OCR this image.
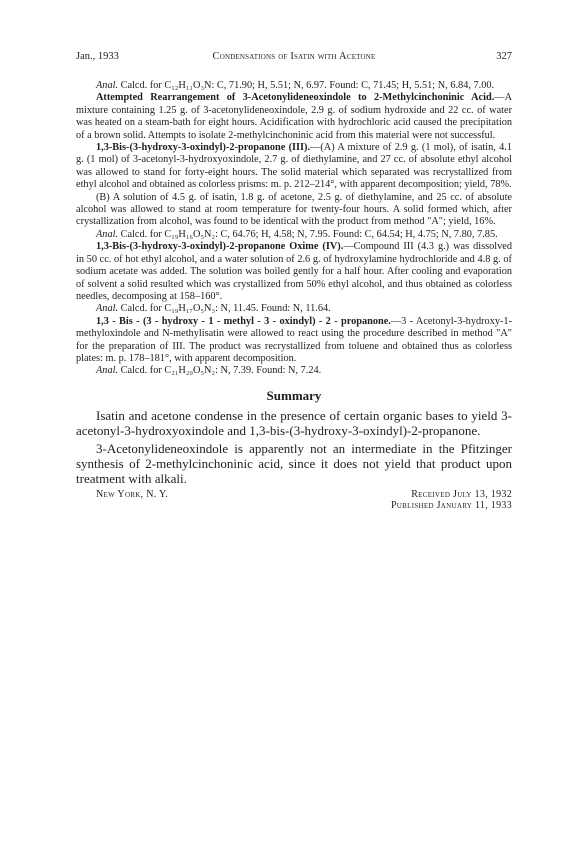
Jan., 1933	Condensations of Isatin with Acetone	327

Anal. Calcd. for C₁₂H₁₁O₃N: C, 71.90; H, 5.51; N, 6.97. Found: C, 71.45; H, 5.51; N, 6.84, 7.00.

Attempted Rearrangement of 3-Acetonylideneoxindole to 2-Methylcinchoninic Acid.—A mixture containing 1.25 g. of 3-acetonylideneoxindole, 2.9 g. of sodium hydroxide and 22 cc. of water was heated on a steam-bath for eight hours. Acidification with hydrochloric acid caused the precipitation of a brown solid. Attempts to isolate 2-methylcinchoninic acid from this material were not successful.

1,3-Bis-(3-hydroxy-3-oxindyl)-2-propanone (III).—(A) A mixture of 2.9 g. (1 mol), of isatin, 4.1 g. (1 mol) of 3-acetonyl-3-hydroxyoxindole, 2.7 g. of diethylamine, and 27 cc. of absolute ethyl alcohol was allowed to stand for forty-eight hours. The solid material which separated was recrystallized from ethyl alcohol and obtained as colorless prisms: m. p. 212–214°, with apparent decomposition; yield, 78%.

(B) A solution of 4.5 g. of isatin, 1.8 g. of acetone, 2.5 g. of diethylamine, and 25 cc. of absolute alcohol was allowed to stand at room temperature for twenty-four hours. A solid formed which, after crystallization from alcohol, was found to be identical with the product from method "A"; yield, 16%.

Anal. Calcd. for C₁₉H₁₆O₅N₂: C, 64.76; H, 4.58; N, 7.95. Found: C, 64.54; H, 4.75; N, 7.80, 7.85.

1,3-Bis-(3-hydroxy-3-oxindyl)-2-propanone Oxime (IV).—Compound III (4.3 g.) was dissolved in 50 cc. of hot ethyl alcohol, and a water solution of 2.6 g. of hydroxylamine hydrochloride and 4.8 g. of sodium acetate was added. The solution was boiled gently for a half hour. After cooling and evaporation of solvent a solid resulted which was crystallized from 50% ethyl alcohol, and thus obtained as colorless needles, decomposing at 158–160°.

Anal. Calcd. for C₁₉H₁₇O₅N₃: N, 11.45. Found: N, 11.64.

1,3 - Bis - (3 - hydroxy - 1 - methyl - 3 - oxindyl) - 2 - propanone.—3 - Acetonyl-3-hydroxy-1-methyloxindole and N-methylisatin were allowed to react using the procedure described in method "A" for the preparation of III. The product was recrystallized from toluene and obtained thus as colorless plates: m. p. 178–181°, with apparent decomposition.

Anal. Calcd. for C₂₁H₂₀O₅N₂: N, 7.39. Found: N, 7.24.

Summary

Isatin and acetone condense in the presence of certain organic bases to yield 3-acetonyl-3-hydroxyoxindole and 1,3-bis-(3-hydroxy-3-oxindyl)-2-propanone.

3-Acetonylideneoxindole is apparently not an intermediate in the Pfitzinger synthesis of 2-methylcinchoninic acid, since it does not yield that product upon treatment with alkali.

New York, N. Y.	Received July 13, 1932
Published January 11, 1933
